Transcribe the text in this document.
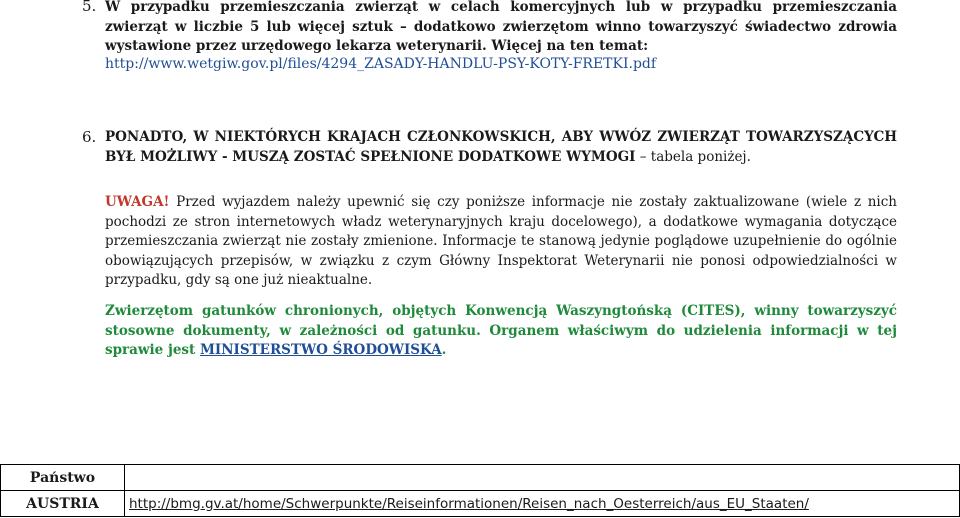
5. W przypadku przemieszczania zwierząt w celach komercyjnych lub w przypadku przemieszczania zwierząt w liczbie 5 lub więcej sztuk – dodatkowo zwierzętom winno towarzyszyć świadectwo zdrowia wystawione przez urzędowego lekarza weterynarii. Więcej na ten temat:
http://www.wetgiw.gov.pl/files/4294_ZASADY-HANDLU-PSY-KOTY-FRETKI.pdf
6. PONADTO, W NIEKTÓRYCH KRAJACH CZŁONKOWSKICH, ABY WWÓZ ZWIERZĄT TOWARZYSZĄCYCH BYŁ MOŻLIWY - MUSZĄ ZOSTAĆ SPEŁNIONE DODATKOWE WYMOGI – tabela poniżej.
UWAGA! Przed wyjazdem należy upewnić się czy poniższe informacje nie zostały zaktualizowane (wiele z nich pochodzi ze stron internetowych władz weterynaryjnych kraju docelowego), a dodatkowe wymagania dotyczące przemieszczania zwierząt nie zostały zmienione. Informacje te stanową jedynie poglądowe uzupełnienie do ogólnie obowiązujących przepisów, w związku z czym Główny Inspektorat Weterynarii nie ponosi odpowiedzialności w przypadku, gdy są one już nieaktualne.
Zwierzętom gatunków chronionych, objętych Konwencją Waszyngtońską (CITES), winny towarzyszyć stosowne dokumenty, w zależności od gatunku. Organem właściwym do udzielenia informacji w tej sprawie jest MINISTERSTWO ŚRODOWISKA.
Państwo	
AUSTRIA	http://bmg.gv.at/home/Schwerpunkte/Reiseinformationen/Reisen_nach_Oesterreich/aus_EU_Staaten/
